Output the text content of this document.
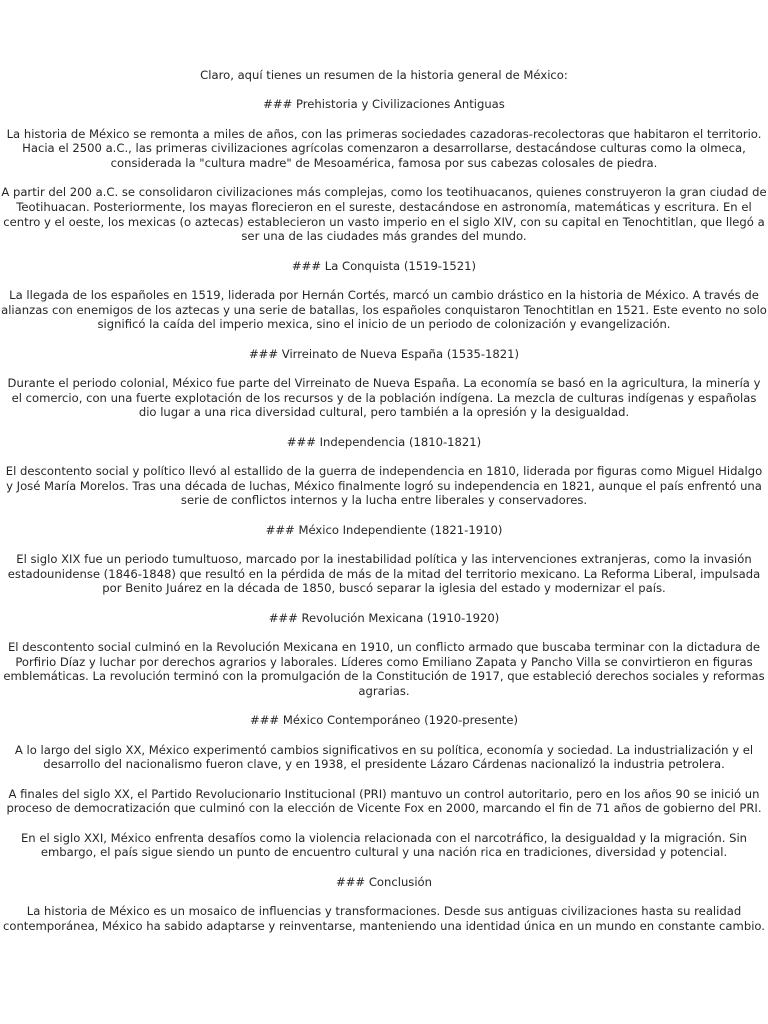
Claro, aquí tienes un resumen de la historia general de México:

### Prehistoria y Civilizaciones Antiguas

La historia de México se remonta a miles de años, con las primeras sociedades cazadoras-recolectoras que habitaron el territorio. Hacia el 2500 a.C., las primeras civilizaciones agrícolas comenzaron a desarrollarse, destacándose culturas como la olmeca, considerada la "cultura madre" de Mesoamérica, famosa por sus cabezas colosales de piedra.

A partir del 200 a.C. se consolidaron civilizaciones más complejas, como los teotihuacanos, quienes construyeron la gran ciudad de Teotihuacan. Posteriormente, los mayas florecieron en el sureste, destacándose en astronomía, matemáticas y escritura. En el centro y el oeste, los mexicas (o aztecas) establecieron un vasto imperio en el siglo XIV, con su capital en Tenochtitlan, que llegó a ser una de las ciudades más grandes del mundo.

### La Conquista (1519-1521)

La llegada de los españoles en 1519, liderada por Hernán Cortés, marcó un cambio drástico en la historia de México. A través de alianzas con enemigos de los aztecas y una serie de batallas, los españoles conquistaron Tenochtitlan en 1521. Este evento no solo significó la caída del imperio mexica, sino el inicio de un periodo de colonización y evangelización.

### Virreinato de Nueva España (1535-1821)

Durante el periodo colonial, México fue parte del Virreinato de Nueva España. La economía se basó en la agricultura, la minería y el comercio, con una fuerte explotación de los recursos y de la población indígena. La mezcla de culturas indígenas y españolas dio lugar a una rica diversidad cultural, pero también a la opresión y la desigualdad.

### Independencia (1810-1821)

El descontento social y político llevó al estallido de la guerra de independencia en 1810, liderada por figuras como Miguel Hidalgo y José María Morelos. Tras una década de luchas, México finalmente logró su independencia en 1821, aunque el país enfrentó una serie de conflictos internos y la lucha entre liberales y conservadores.

### México Independiente (1821-1910)

El siglo XIX fue un periodo tumultuoso, marcado por la inestabilidad política y las intervenciones extranjeras, como la invasión estadounidense (1846-1848) que resultó en la pérdida de más de la mitad del territorio mexicano. La Reforma Liberal, impulsada por Benito Juárez en la década de 1850, buscó separar la iglesia del estado y modernizar el país.

### Revolución Mexicana (1910-1920)

El descontento social culminó en la Revolución Mexicana en 1910, un conflicto armado que buscaba terminar con la dictadura de Porfirio Díaz y luchar por derechos agrarios y laborales. Líderes como Emiliano Zapata y Pancho Villa se convirtieron en figuras emblemáticas. La revolución terminó con la promulgación de la Constitución de 1917, que estableció derechos sociales y reformas agrarias.

### México Contemporáneo (1920-presente)

A lo largo del siglo XX, México experimentó cambios significativos en su política, economía y sociedad. La industrialización y el desarrollo del nacionalismo fueron clave, y en 1938, el presidente Lázaro Cárdenas nacionalizó la industria petrolera.

A finales del siglo XX, el Partido Revolucionario Institucional (PRI) mantuvo un control autoritario, pero en los años 90 se inició un proceso de democratización que culminó con la elección de Vicente Fox en 2000, marcando el fin de 71 años de gobierno del PRI.

En el siglo XXI, México enfrenta desafíos como la violencia relacionada con el narcotráfico, la desigualdad y la migración. Sin embargo, el país sigue siendo un punto de encuentro cultural y una nación rica en tradiciones, diversidad y potencial.

### Conclusión

La historia de México es un mosaico de influencias y transformaciones. Desde sus antiguas civilizaciones hasta su realidad contemporánea, México ha sabido adaptarse y reinventarse, manteniendo una identidad única en un mundo en constante cambio.
